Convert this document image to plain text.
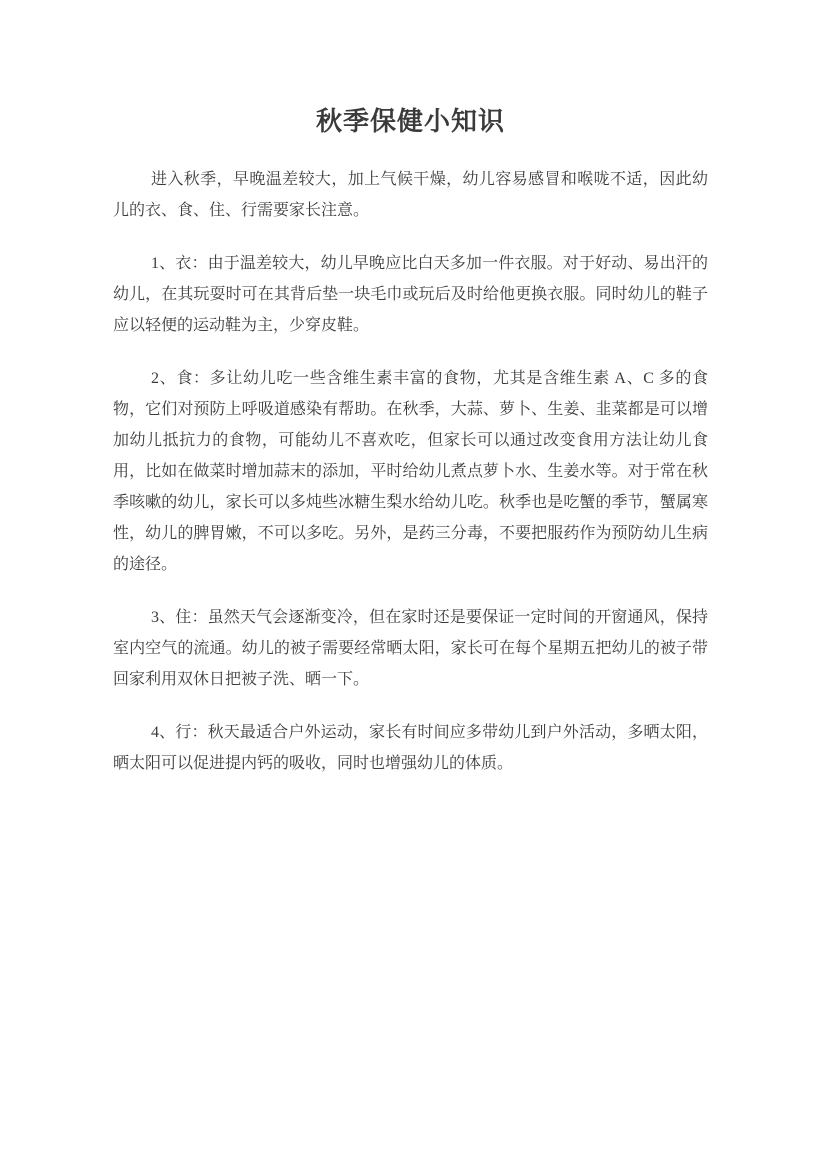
秋季保健小知识

进入秋季，早晚温差较大，加上气候干燥，幼儿容易感冒和喉咙不适，因此幼儿的衣、食、住、行需要家长注意。

1、衣：由于温差较大，幼儿早晚应比白天多加一件衣服。对于好动、易出汗的幼儿，在其玩耍时可在其背后垫一块毛巾或玩后及时给他更换衣服。同时幼儿的鞋子应以轻便的运动鞋为主，少穿皮鞋。

2、食：多让幼儿吃一些含维生素丰富的食物，尤其是含维生素 A、C 多的食物，它们对预防上呼吸道感染有帮助。在秋季，大蒜、萝卜、生姜、韭菜都是可以增加幼儿抵抗力的食物，可能幼儿不喜欢吃，但家长可以通过改变食用方法让幼儿食用，比如在做菜时增加蒜末的添加，平时给幼儿煮点萝卜水、生姜水等。对于常在秋季咳嗽的幼儿，家长可以多炖些冰糖生梨水给幼儿吃。秋季也是吃蟹的季节，蟹属寒性，幼儿的脾胃嫩，不可以多吃。另外，是药三分毒，不要把服药作为预防幼儿生病的途径。

3、住：虽然天气会逐渐变冷，但在家时还是要保证一定时间的开窗通风，保持室内空气的流通。幼儿的被子需要经常晒太阳，家长可在每个星期五把幼儿的被子带回家利用双休日把被子洗、晒一下。

4、行：秋天最适合户外运动，家长有时间应多带幼儿到户外活动，多晒太阳，晒太阳可以促进提内钙的吸收，同时也增强幼儿的体质。
